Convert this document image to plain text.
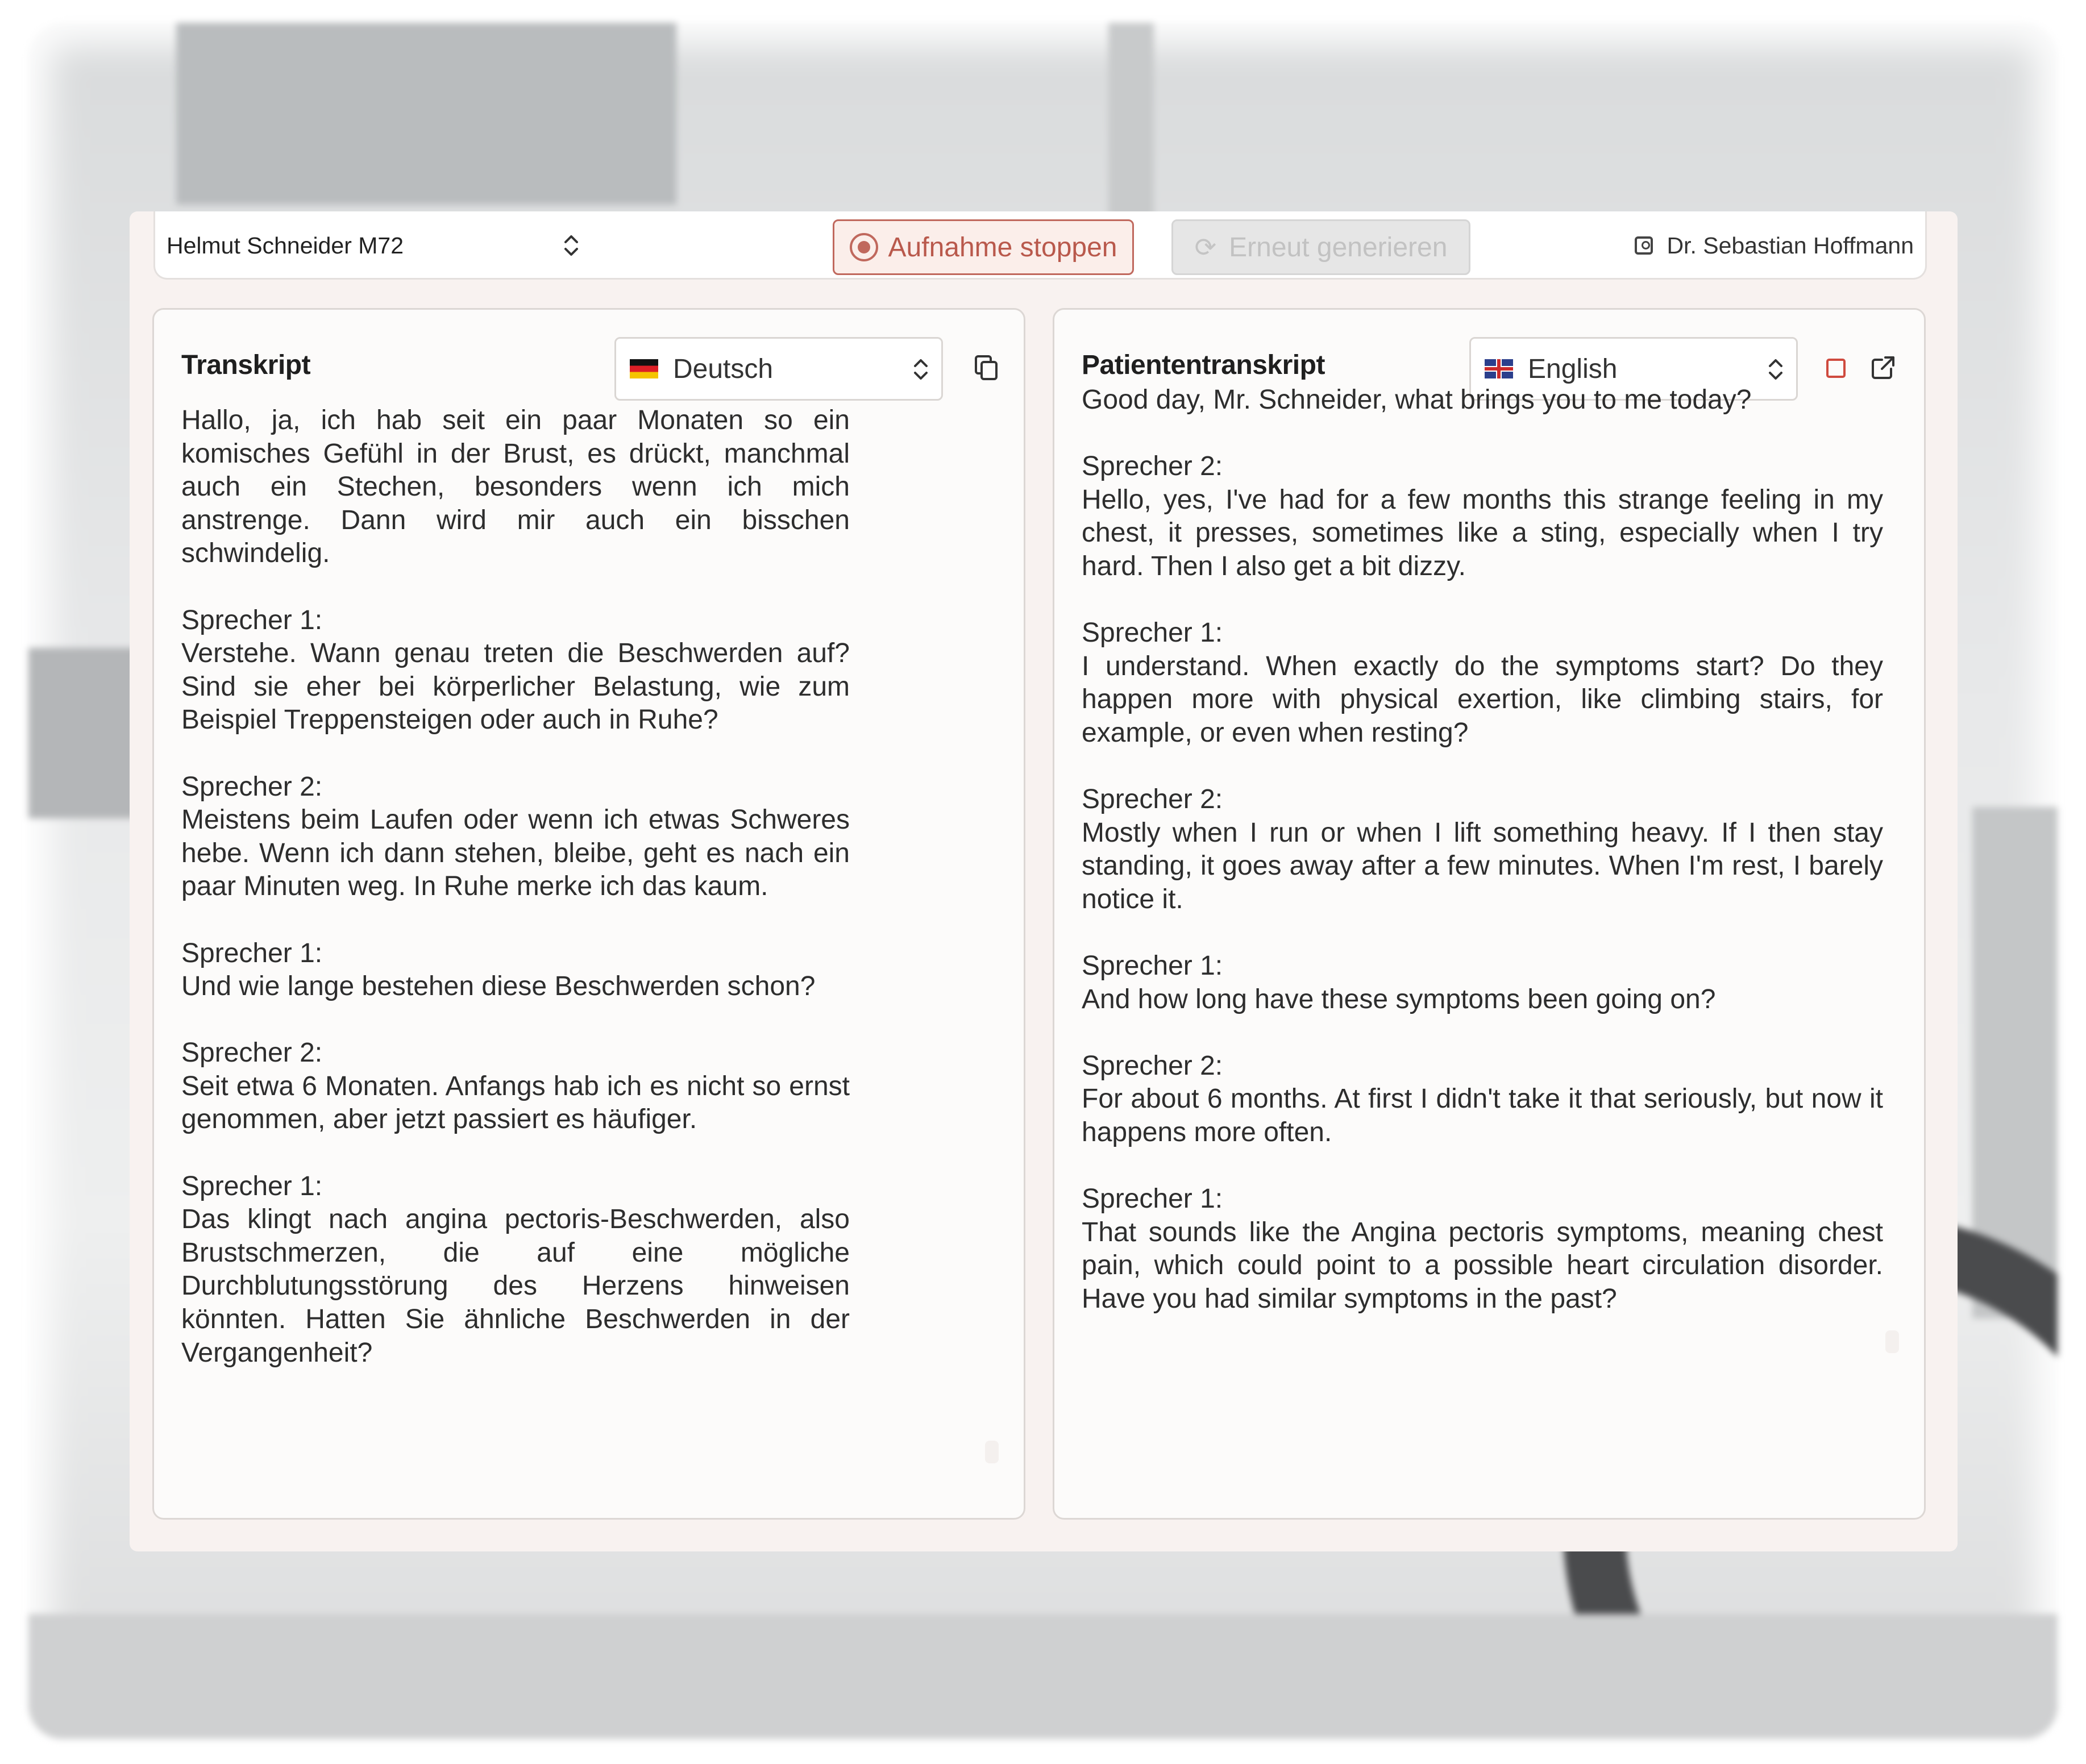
Helmut Schneider M72	Aufnahme stoppen	⟳ Erneut generieren	Dr. Sebastian Hoffmann
Transkript	Deutsch
Hallo, ja, ich hab seit ein paar Monaten so ein komisches Gefühl in der Brust, es drückt, manchmal auch ein Stechen, besonders wenn ich mich anstrenge. Dann wird mir auch ein bisschen schwindelig.

Sprecher 1:
Verstehe. Wann genau treten die Beschwerden auf? Sind sie eher bei körperlicher Belastung, wie zum Beispiel Treppensteigen oder auch in Ruhe?

Sprecher 2:
Meistens beim Laufen oder wenn ich etwas Schweres hebe. Wenn ich dann stehen, bleibe, geht es nach ein paar Minuten weg. In Ruhe merke ich das kaum.

Sprecher 1:
Und wie lange bestehen diese Beschwerden schon?

Sprecher 2:
Seit etwa 6 Monaten. Anfangs hab ich es nicht so ernst genommen, aber jetzt passiert es häufiger.

Sprecher 1:
Das klingt nach angina pectoris-Beschwerden, also Brustschmerzen, die auf eine mögliche Durchblutungsstörung des Herzens hinweisen könnten. Hatten Sie ähnliche Beschwerden in der Vergangenheit?
Patiententranskript	English
Good day, Mr. Schneider, what brings you to me today?

Sprecher 2:
Hello, yes, I've had for a few months this strange feeling in my chest, it presses, sometimes like a sting, especially when I try hard. Then I also get a bit dizzy.

Sprecher 1:
I understand. When exactly do the symptoms start? Do they happen more with physical exertion, like climbing stairs, for example, or even when resting?

Sprecher 2:
Mostly when I run or when I lift something heavy. If I then stay standing, it goes away after a few minutes. When I'm rest, I barely notice it.

Sprecher 1:
And how long have these symptoms been going on?

Sprecher 2:
For about 6 months. At first I didn't take it that seriously, but now it happens more often.

Sprecher 1:
That sounds like the Angina pectoris symptoms, meaning chest pain, which could point to a possible heart circulation disorder. Have you had similar symptoms in the past?
